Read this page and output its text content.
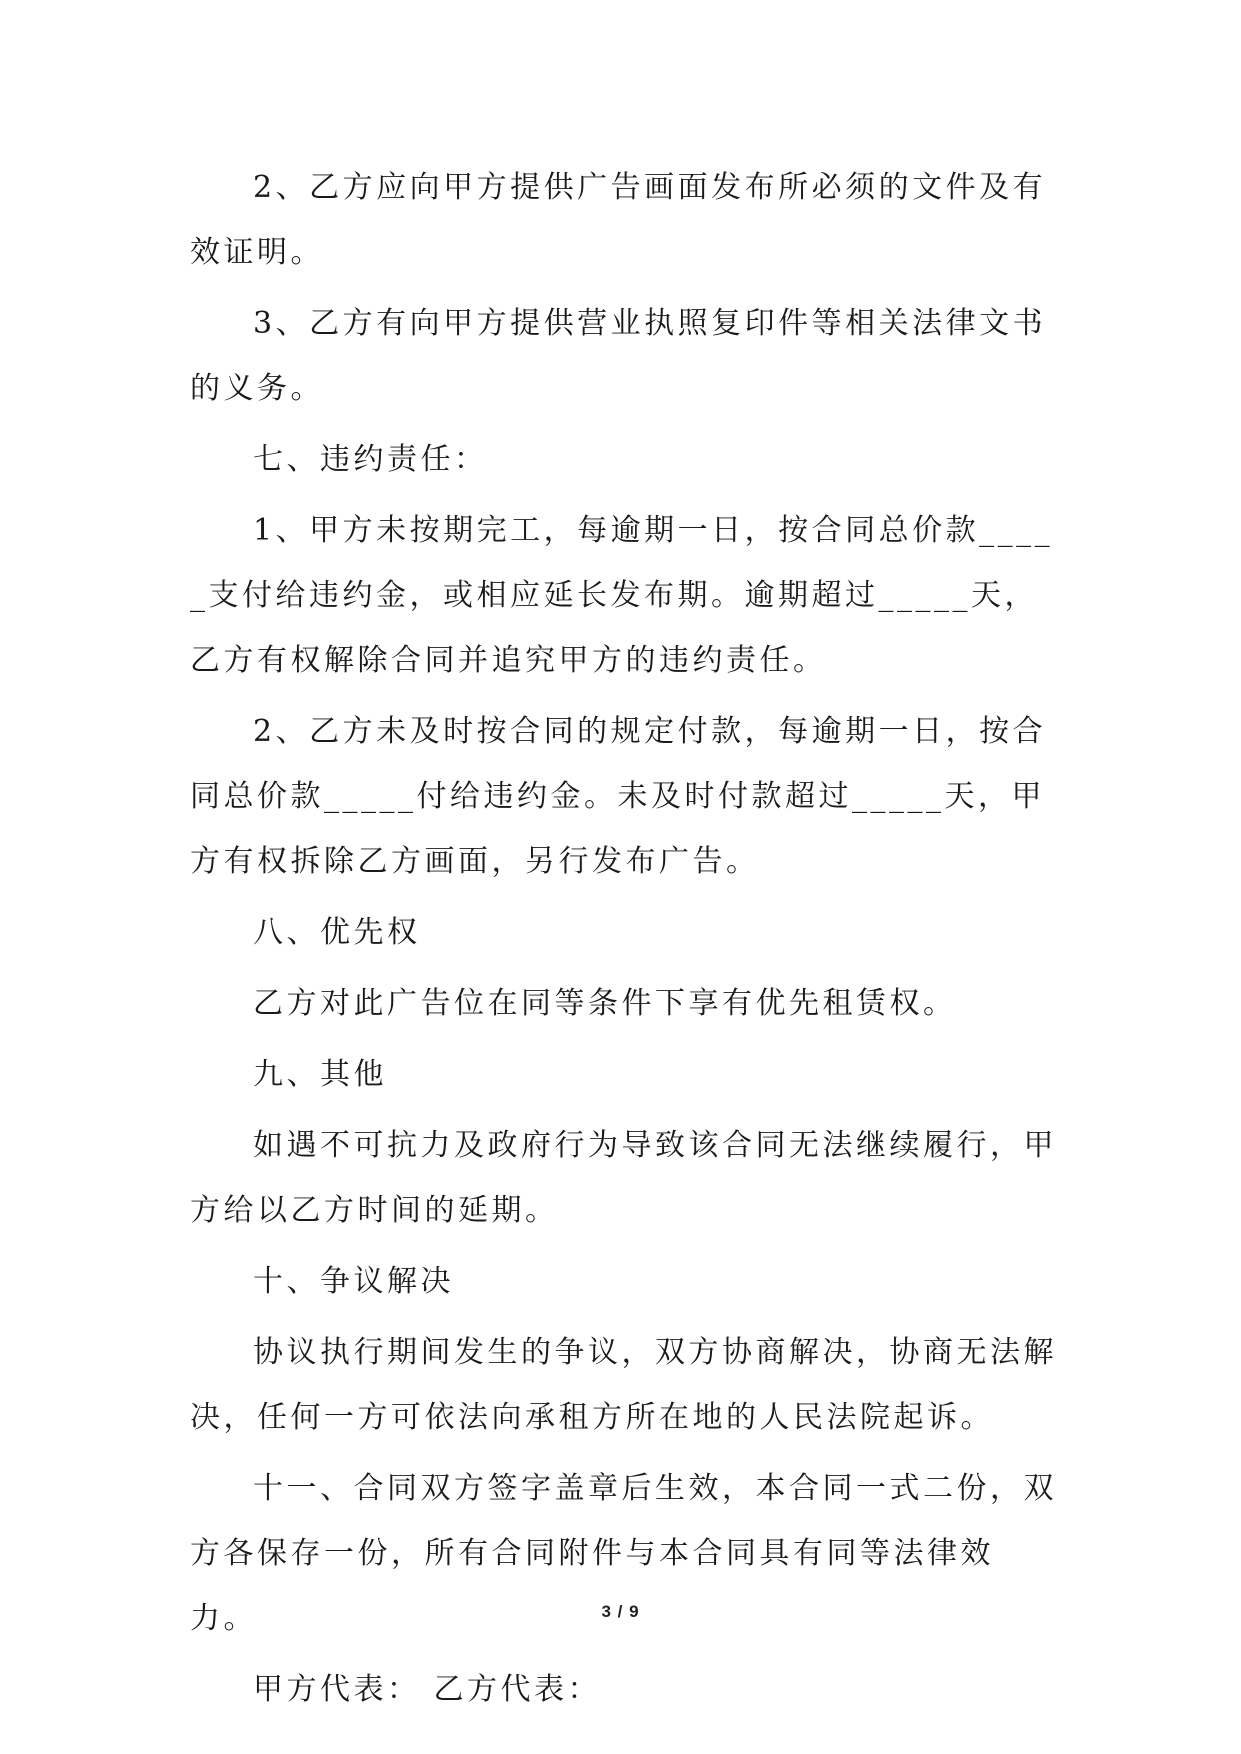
2、乙方应向甲方提供广告画面发布所必须的文件及有效证明。

3、乙方有向甲方提供营业执照复印件等相关法律文书的义务。

七、违约责任：

1、甲方未按期完工，每逾期一日，按合同总价款_____支付给违约金，或相应延长发布期。逾期超过_____天，乙方有权解除合同并追究甲方的违约责任。

2、乙方未及时按合同的规定付款，每逾期一日，按合同总价款_____付给违约金。未及时付款超过_____天，甲方有权拆除乙方画面，另行发布广告。

八、优先权

乙方对此广告位在同等条件下享有优先租赁权。

九、其他

如遇不可抗力及政府行为导致该合同无法继续履行，甲方给以乙方时间的延期。

十、争议解决

协议执行期间发生的争议，双方协商解决，协商无法解决，任何一方可依法向承租方所在地的人民法院起诉。

十一、合同双方签字盖章后生效，本合同一式二份，双方各保存一份，所有合同附件与本合同具有同等法律效力。

甲方代表： 乙方代表：

3 / 9
